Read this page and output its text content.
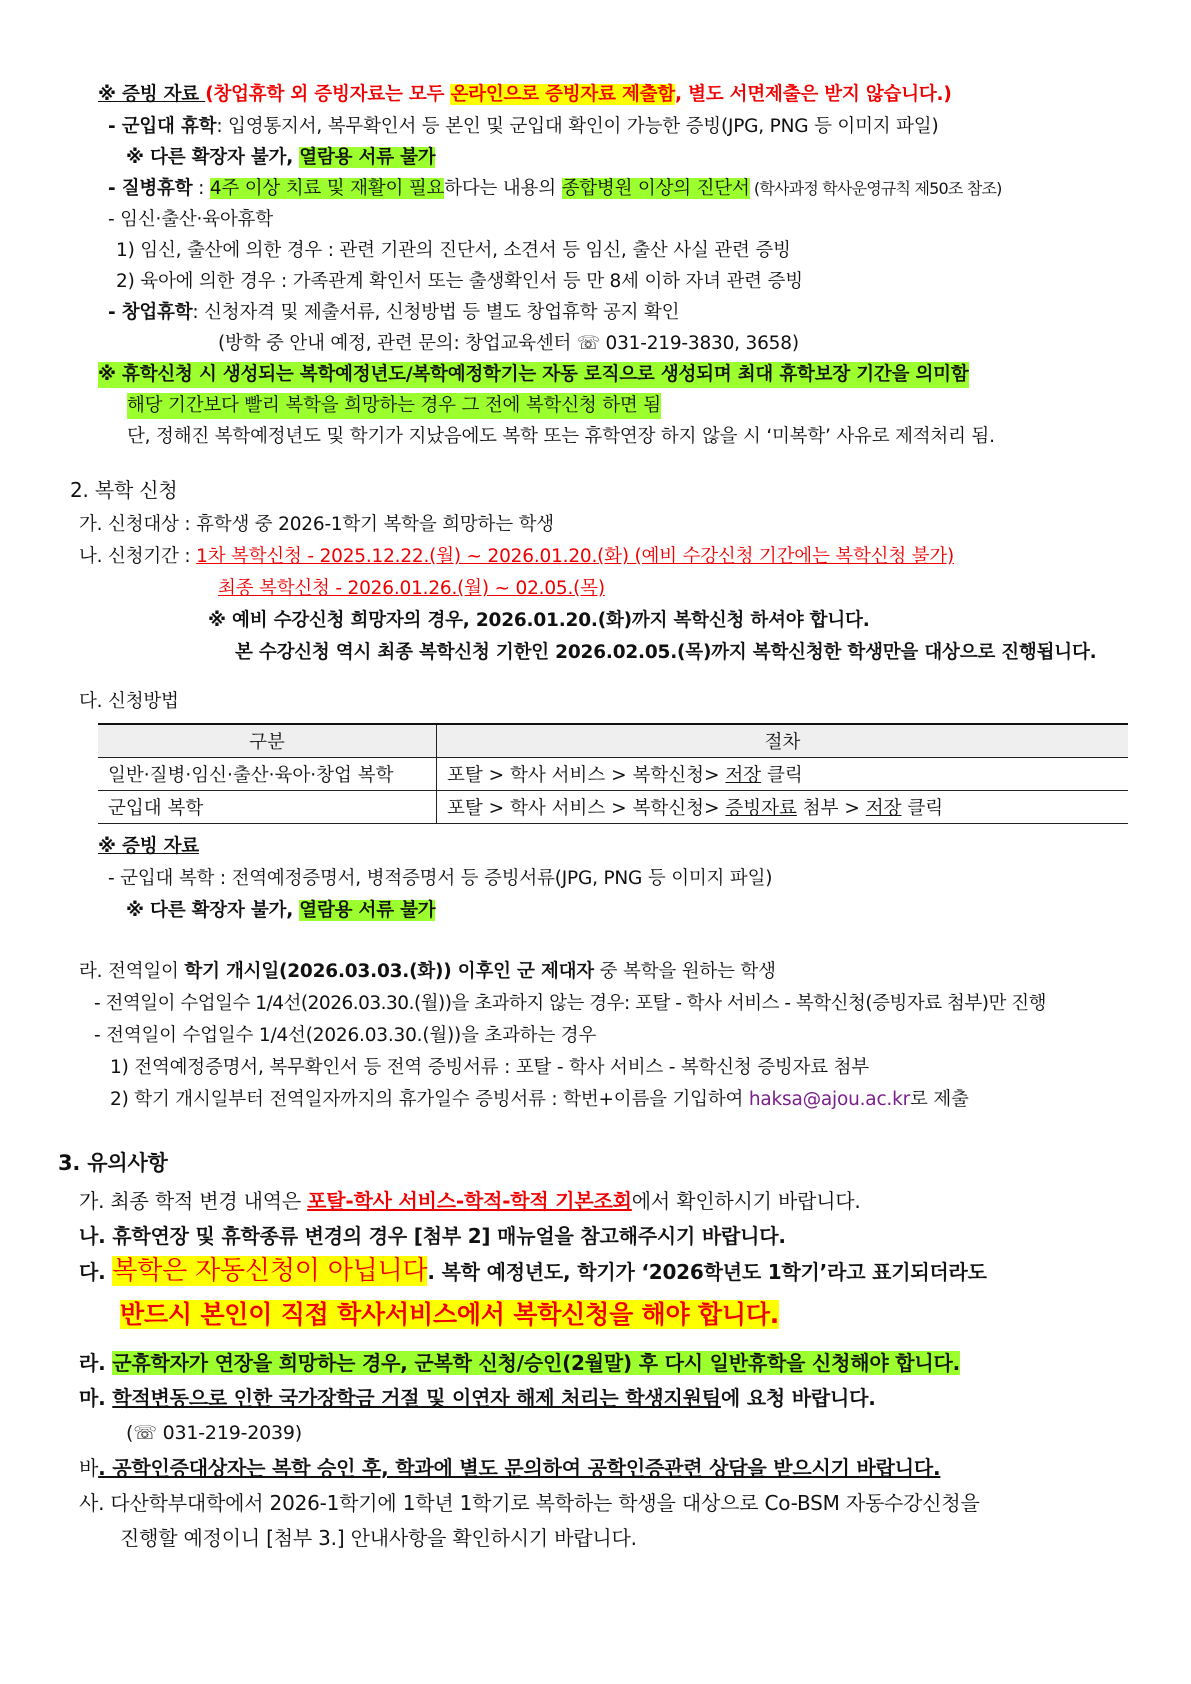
※ 증빙 자료 (창업휴학 외 증빙자료는 모두 온라인으로 증빙자료 제출함, 별도 서면제출은 받지 않습니다.)
- 군입대 휴학: 입영통지서, 복무확인서 등 본인 및 군입대 확인이 가능한 증빙(JPG, PNG 등 이미지 파일)
※ 다른 확장자 불가, 열람용 서류 불가
- 질병휴학 : 4주 이상 치료 및 재활이 필요하다는 내용의 종합병원 이상의 진단서 (학사과정 학사운영규칙 제50조 참조)
- 임신·출산·육아휴학
1) 임신, 출산에 의한 경우 : 관련 기관의 진단서, 소견서 등 임신, 출산 사실 관련 증빙
2) 육아에 의한 경우 : 가족관계 확인서 또는 출생확인서 등 만 8세 이하 자녀 관련 증빙
- 창업휴학: 신청자격 및 제출서류, 신청방법 등 별도 창업휴학 공지 확인
(방학 중 안내 예정, 관련 문의: 창업교육센터 ☏ 031-219-3830, 3658)
※ 휴학신청 시 생성되는 복학예정년도/복학예정학기는 자동 로직으로 생성되며 최대 휴학보장 기간을 의미함
해당 기간보다 빨리 복학을 희망하는 경우 그 전에 복학신청 하면 됨
단, 정해진 복학예정년도 및 학기가 지났음에도 복학 또는 휴학연장 하지 않을 시 ‘미복학’ 사유로 제적처리 됨.
2. 복학 신청
가. 신청대상 : 휴학생 중 2026-1학기 복학을 희망하는 학생
나. 신청기간 : 1차 복학신청 - 2025.12.22.(월) ~ 2026.01.20.(화) (예비 수강신청 기간에는 복학신청 불가)
최종 복학신청 - 2026.01.26.(월) ~ 02.05.(목)
※ 예비 수강신청 희망자의 경우, 2026.01.20.(화)까지 복학신청 하셔야 합니다.
본 수강신청 역시 최종 복학신청 기한인 2026.02.05.(목)까지 복학신청한 학생만을 대상으로 진행됩니다.
다. 신청방법
구분	절차
일반·질병·임신·출산·육아·창업 복학	포탈 > 학사 서비스 > 복학신청> 저장 클릭
군입대 복학	포탈 > 학사 서비스 > 복학신청> 증빙자료 첨부 > 저장 클릭
※ 증빙 자료
- 군입대 복학 : 전역예정증명서, 병적증명서 등 증빙서류(JPG, PNG 등 이미지 파일)
※ 다른 확장자 불가, 열람용 서류 불가
라. 전역일이 학기 개시일(2026.03.03.(화)) 이후인 군 제대자 중 복학을 원하는 학생
- 전역일이 수업일수 1/4선(2026.03.30.(월))을 초과하지 않는 경우: 포탈 - 학사 서비스 - 복학신청(증빙자료 첨부)만 진행
- 전역일이 수업일수 1/4선(2026.03.30.(월))을 초과하는 경우
1) 전역예정증명서, 복무확인서 등 전역 증빙서류 : 포탈 - 학사 서비스 - 복학신청 증빙자료 첨부
2) 학기 개시일부터 전역일자까지의 휴가일수 증빙서류 : 학번+이름을 기입하여 haksa@ajou.ac.kr로 제출
3. 유의사항
가. 최종 학적 변경 내역은 포탈-학사 서비스-학적-학적 기본조회에서 확인하시기 바랍니다.
나. 휴학연장 및 휴학종류 변경의 경우 [첨부 2] 매뉴얼을 참고해주시기 바랍니다.
다. 복학은 자동신청이 아닙니다. 복학 예정년도, 학기가 ‘2026학년도 1학기’라고 표기되더라도
반드시 본인이 직접 학사서비스에서 복학신청을 해야 합니다.
라. 군휴학자가 연장을 희망하는 경우, 군복학 신청/승인(2월말) 후 다시 일반휴학을 신청해야 합니다.
마. 학적변동으로 인한 국가장학금 거절 및 이연자 해제 처리는 학생지원팀에 요청 바랍니다.
(☏ 031-219-2039)
바. 공학인증대상자는 복학 승인 후, 학과에 별도 문의하여 공학인증관련 상담을 받으시기 바랍니다.
사. 다산학부대학에서 2026-1학기에 1학년 1학기로 복학하는 학생을 대상으로 Co-BSM 자동수강신청을
진행할 예정이니 [첨부 3.] 안내사항을 확인하시기 바랍니다.
